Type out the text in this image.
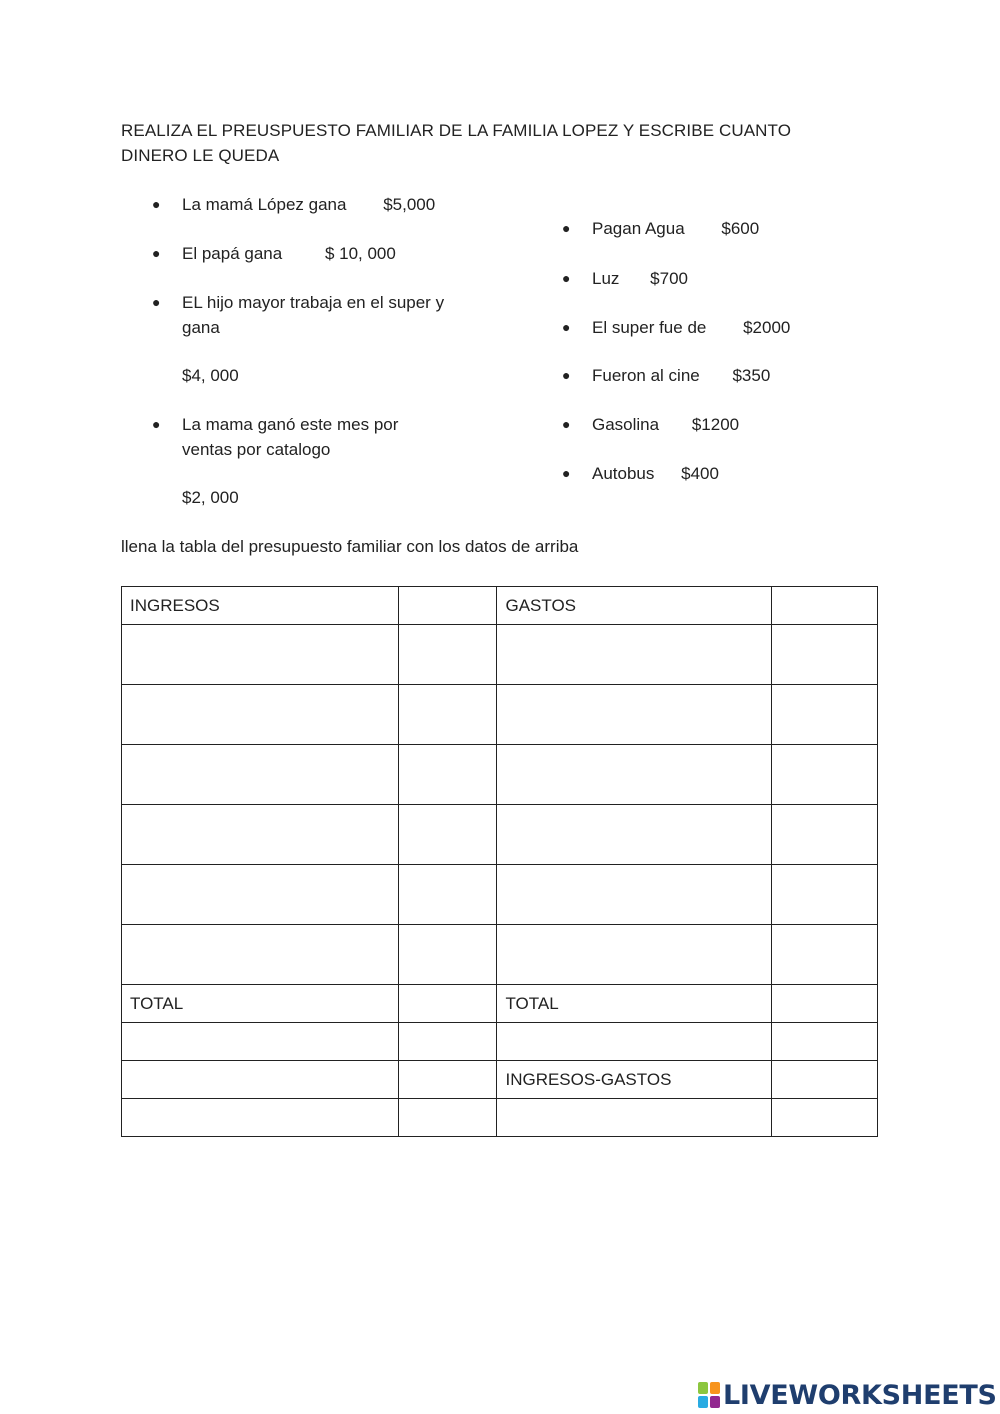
REALIZA EL PREUSPUESTO FAMILIAR DE LA FAMILIA LOPEZ Y ESCRIBE CUANTO
DINERO LE QUEDA
● La mamá López gana $5,000
● El papá gana	$ 10, 000
● EL hijo mayor trabaja en el super y
gana
$4, 000
● La mama ganó este mes por
ventas por catalogo
$2, 000
● Pagan Agua $600
● Luz $700
● El super fue de $2000
● Fueron al cine $350
● Gasolina $1200
● Autobus $400
llena la tabla del presupuesto familiar con los datos de arriba
INGRESOS		GASTOS	

TOTAL		TOTAL	

		INGRESOS-GASTOS	

LIVEWORKSHEETS
